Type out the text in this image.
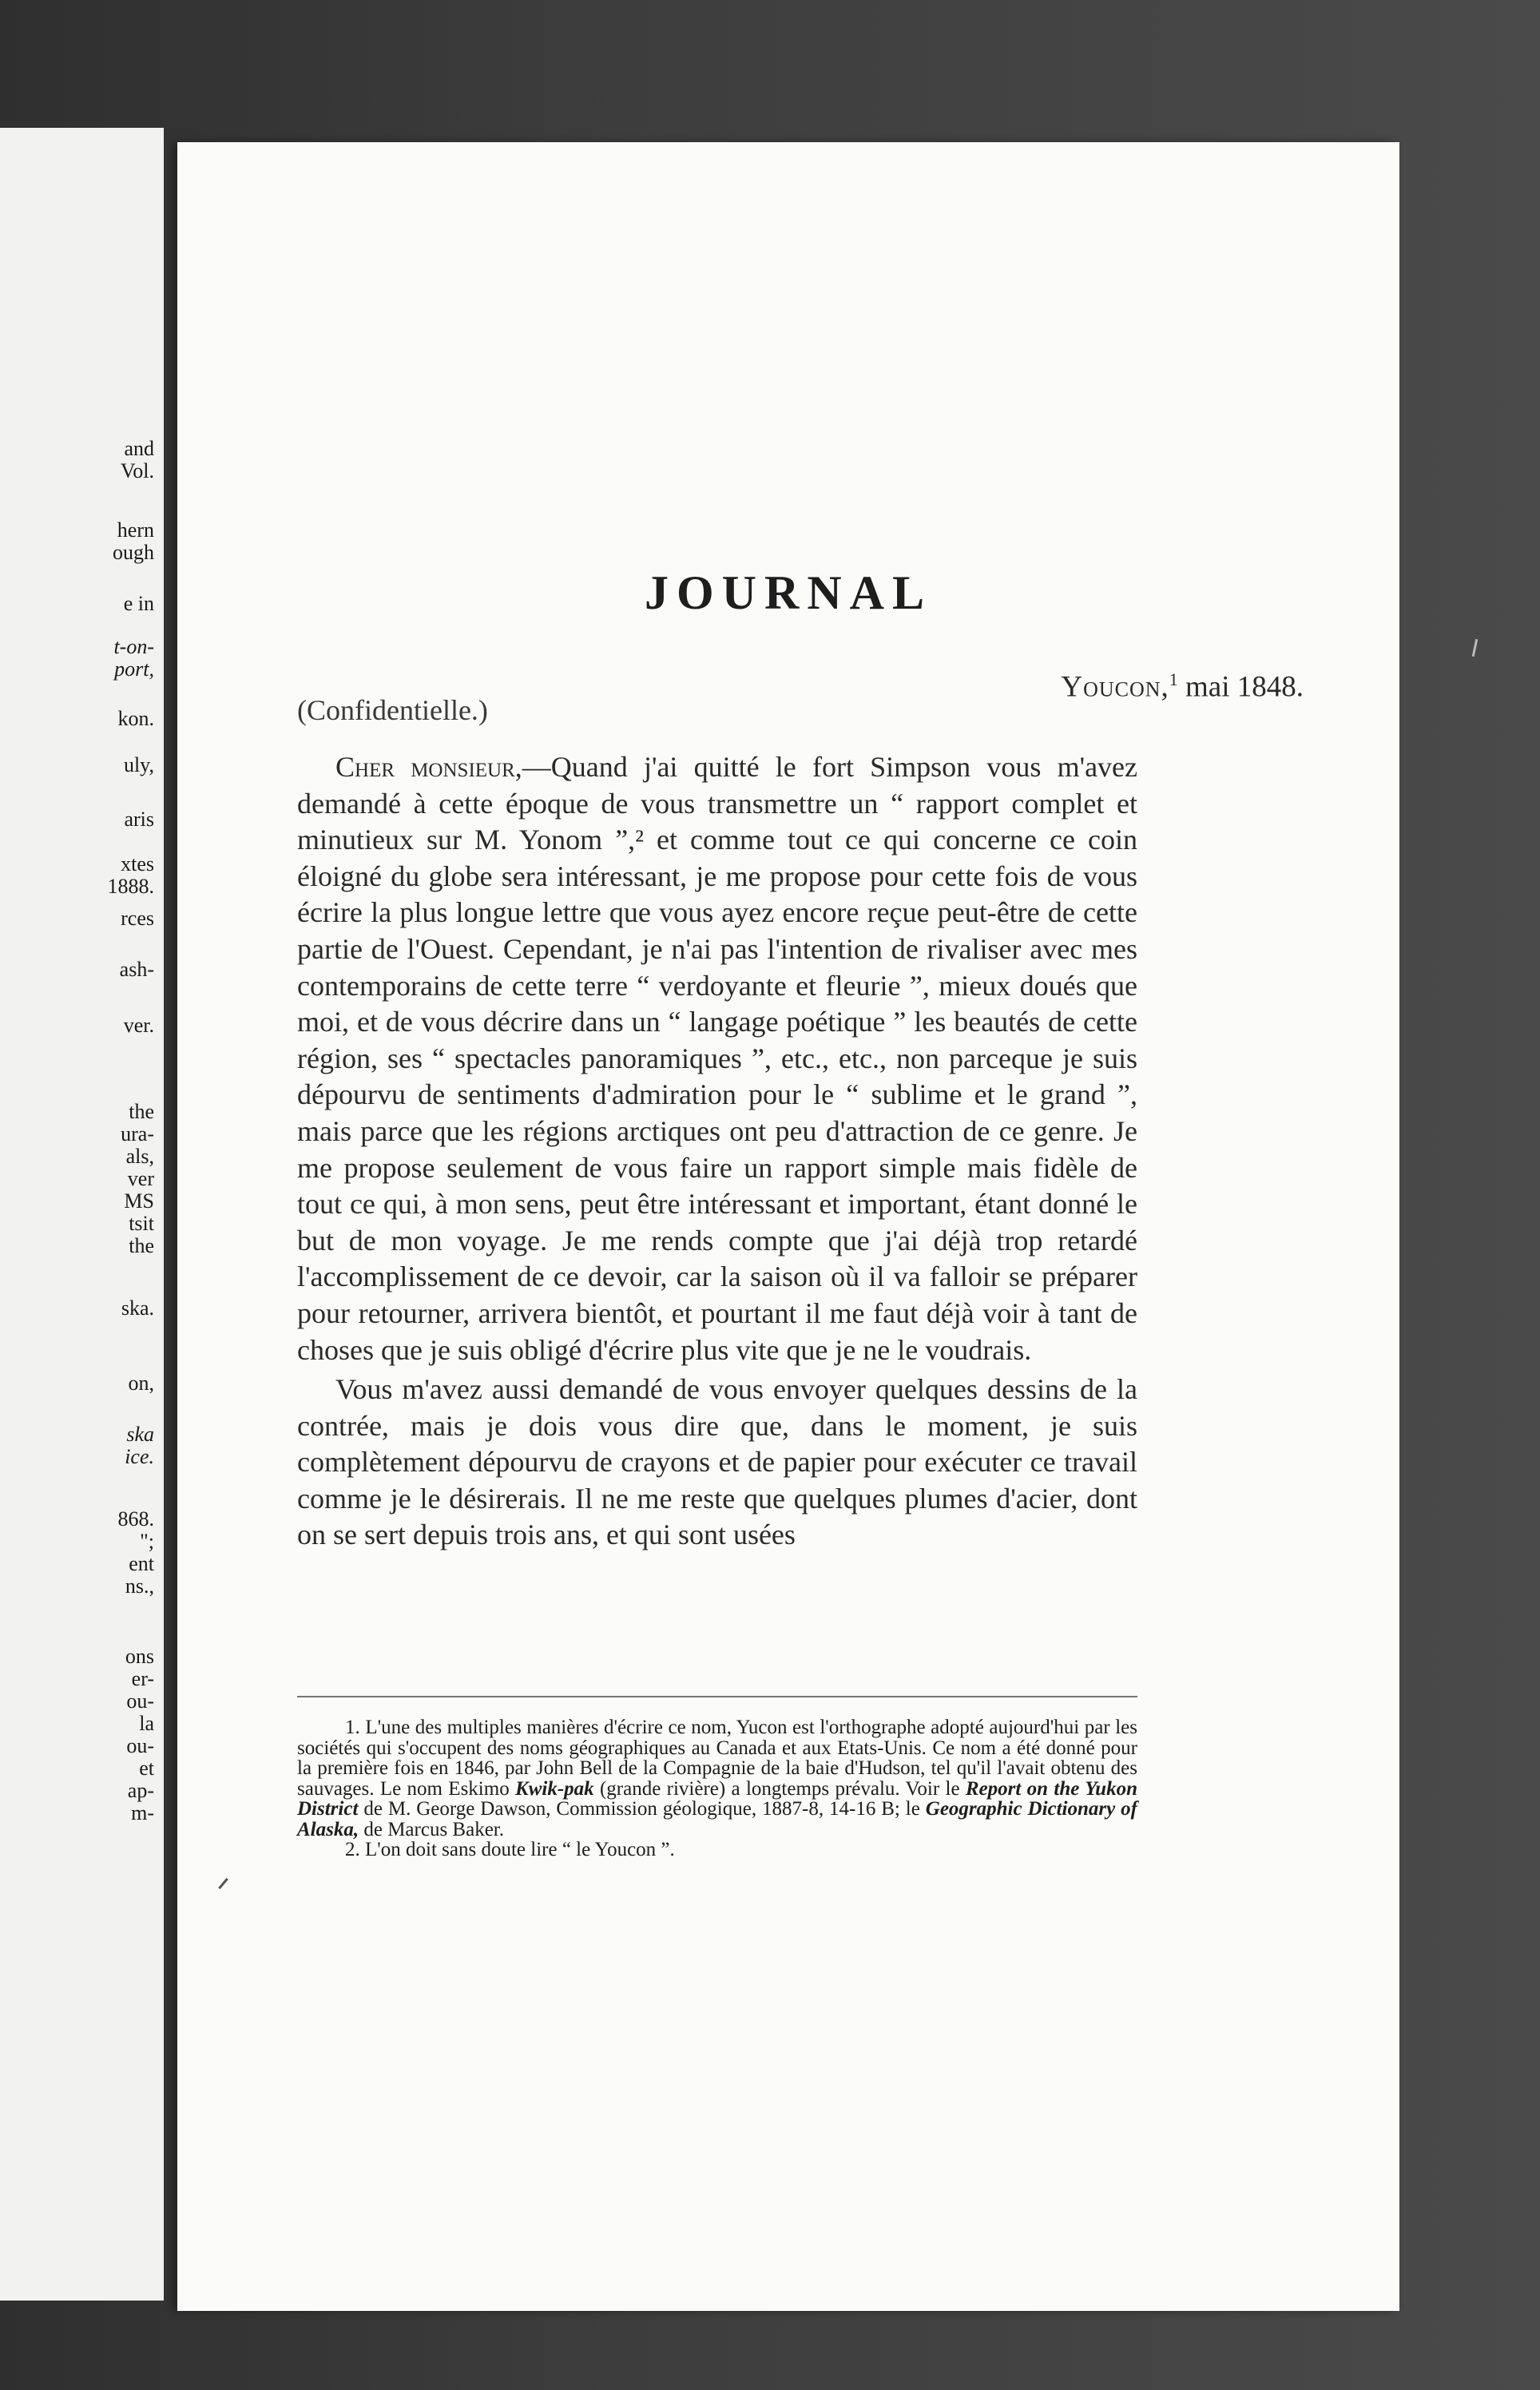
and
Vol.
hern
ough
e in
t-on-
port,
kon.
uly,
aris
xtes
1888.
rces
ash-
ver.
the
ura-
als,
ver
MS
tsit
the
ska.
on,
ska
ice.
868.
";
ent
ns.,
ons
er-
ou-
la
ou-
et
ap-
m-
JOURNAL
Youcon,$^1$ mai 1848.
(Confidentielle.)

Cher monsieur,—Quand j'ai quitté le fort Simpson vous m'avez demandé à cette époque de vous transmettre un “ rapport complet et minutieux sur M. Yonom ”,² et comme tout ce qui concerne ce coin éloigné du globe sera intéressant, je me propose pour cette fois de vous écrire la plus longue lettre que vous ayez encore reçue peut-être de cette partie de l'Ouest. Cependant, je n'ai pas l'intention de rivaliser avec mes contemporains de cette terre “ verdoyante et fleurie ”, mieux doués que moi, et de vous décrire dans un “ langage poétique ” les beautés de cette région, ses “ spectacles panoramiques ”, etc., etc., non parceque je suis dépourvu de sentiments d'admiration pour le “ sublime et le grand ”, mais parce que les régions arctiques ont peu d'attraction de ce genre. Je me propose seulement de vous faire un rapport simple mais fidèle de tout ce qui, à mon sens, peut être intéressant et important, étant donné le but de mon voyage. Je me rends compte que j'ai déjà trop retardé l'accomplissement de ce devoir, car la saison où il va falloir se préparer pour retourner, arrivera bientôt, et pourtant il me faut déjà voir à tant de choses que je suis obligé d'écrire plus vite que je ne le voudrais.

Vous m'avez aussi demandé de vous envoyer quelques dessins de la contrée, mais je dois vous dire que, dans le moment, je suis complètement dépourvu de crayons et de papier pour exécuter ce travail comme je le désirerais. Il ne me reste que quelques plumes d'acier, dont on se sert depuis trois ans, et qui sont usées

1. L'une des multiples manières d'écrire ce nom, Yucon est l'orthographe adopté aujourd'hui par les sociétés qui s'occupent des noms géographiques au Canada et aux Etats-Unis. Ce nom a été donné pour la première fois en 1846, par John Bell de la Compagnie de la baie d'Hudson, tel qu'il l'avait obtenu des sauvages. Le nom Eskimo Kwik-pak (grande rivière) a longtemps prévalu. Voir le Report on the Yukon District de M. George Dawson, Commission géologique, 1887-8, 14-16 B; le Geographic Dictionary of Alaska, de Marcus Baker.

2. L'on doit sans doute lire “ le Youcon ”.
